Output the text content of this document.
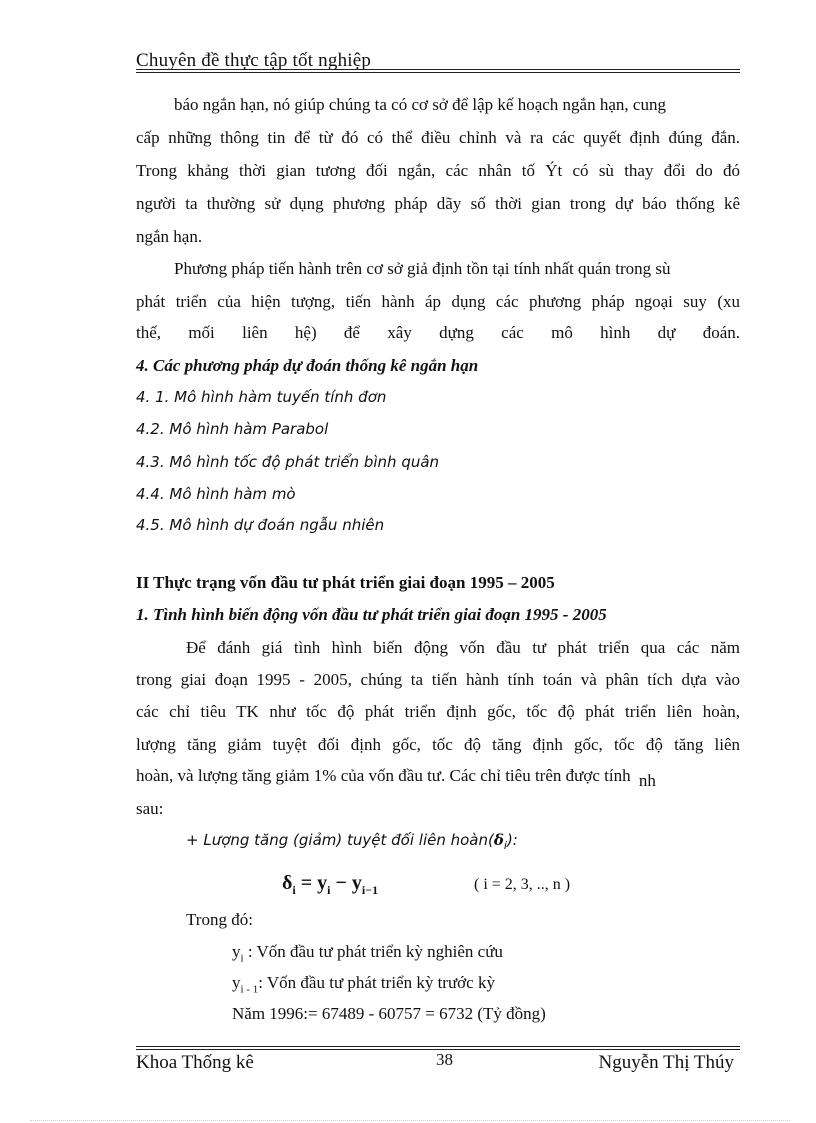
Chuyên đề thực tập tốt nghiệp
báo ngắn hạn, nó giúp chúng ta có cơ sở để lập kế hoạch ngắn hạn, cung
cấp những thông tin để từ đó có thể điều chỉnh và ra các quyết định đúng đắn.
Trong khảng thời gian tương đối ngắn, các nhân tố Ýt có sù thay đổi do đó
người ta thường sử dụng phương pháp dãy số thời gian trong dự báo thống kê
ngắn hạn.
Phương pháp tiến hành trên cơ sở giả định tồn tại tính nhất quán trong sù
phát triển của hiện tượng, tiến hành áp dụng các phương pháp ngoại suy (xu
thế, mối liên hệ) để xây dựng các mô hình dự đoán.
4. Các phương pháp dự đoán thống kê ngắn hạn
4. 1. Mô hình hàm tuyến tính đơn
4.2. Mô hình hàm Parabol
4.3. Mô hình tốc độ phát triển bình quân
4.4. Mô hình hàm mò
4.5. Mô hình dự đoán ngẫu nhiên
II Thực trạng vốn đầu tư phát triển giai đoạn 1995 – 2005
1. Tình hình biến động vốn đầu tư phát triển giai đoạn 1995 - 2005
Để đánh giá tình hình biến động vốn đầu tư phát triển qua các năm
trong giai đoạn 1995 - 2005, chúng ta tiến hành tính toán và phân tích dựa vào
các chỉ tiêu TK như tốc độ phát triển định gốc, tốc độ phát triển liên hoàn,
lượng tăng giảm tuyệt đối định gốc, tốc độ tăng định gốc, tốc độ tăng liên
hoàn, và lượng tăng giảm 1% của vốn đầu tư. Các chỉ tiêu trên được tính nh
sau:
+ Lượng tăng (giảm) tuyệt đối liên $hoàn(\delta_i)$:
$\delta_i = y_i - y_{i-1}$	( i = 2, 3, .., n )
Trong đó:
$y_i$ : Vốn đầu tư phát triển kỳ nghiên cứu
$y_{i - 1}$: Vốn đầu tư phát triển kỳ trước kỳ
Năm 1996:= 67489 - 60757 = 6732 (Tỷ đồng)
Khoa Thống kê	38	Nguyễn Thị Thúy
